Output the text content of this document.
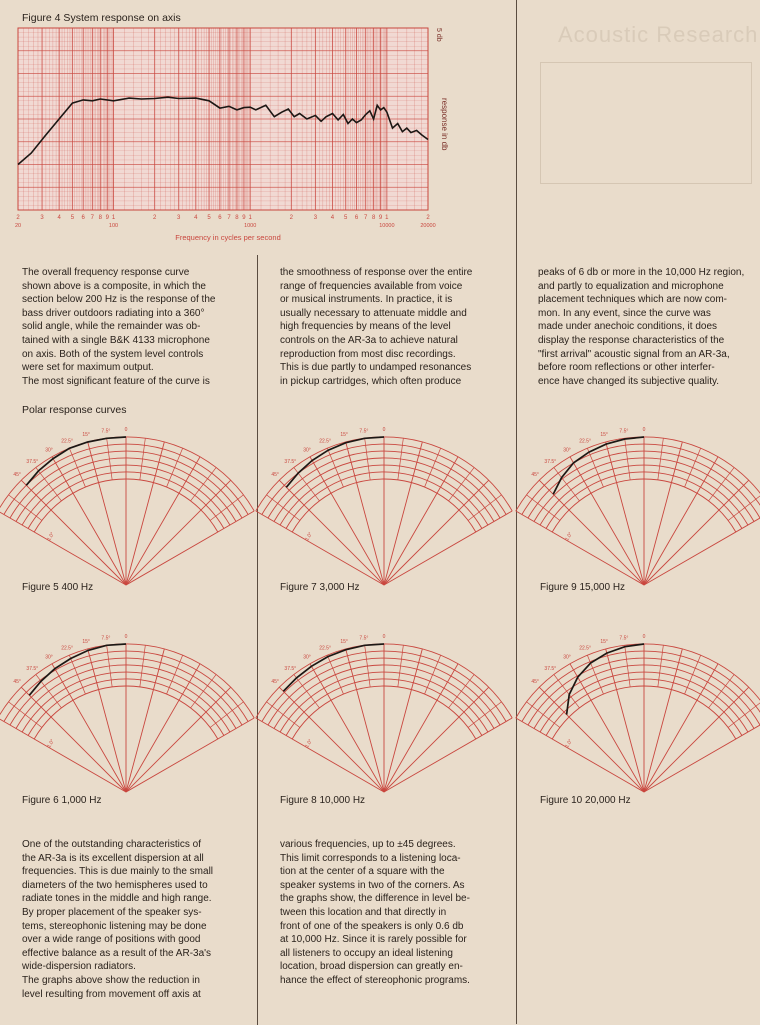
Acoustic Research
Figure 4 System response on axis
2	3 4 5 6 7 8 9 1	2	3 4 5 6 7 8 9 1	2	3 4 5 6 7 8 9 1	2
20	100	1000	10000	20000
5 db
response in db
Frequency in cycles per second

The overall frequency response curve

shown above is a composite, in which the

section below 200 Hz is the response of the

bass driver outdoors radiating into a 360°

solid angle, while the remainder was ob-

tained with a single B&K 4133 microphone

on axis. Both of the system level controls

were set for maximum output.

The most significant feature of the curve is

the smoothness of response over the entire

range of frequencies available from voice

or musical instruments. In practice, it is

usually necessary to attenuate middle and

high frequencies by means of the level

controls on the AR-3a to achieve natural

reproduction from most disc recordings.

This is due partly to undamped resonances

in pickup cartridges, which often produce

peaks of 6 db or more in the 10,000 Hz region,

and partly to equalization and microphone

placement techniques which are now com-

mon. In any event, since the curve was

made under anechoic conditions, it does

display the response characteristics of the

"first arrival" acoustic signal from an AR-3a,

before room reflections or other interfer-

ence have changed its subjective quality.

Polar response curves
0
7.5°
15°
22.5°
30°
37.5°
45°
1.0°
0
7.5°
15°
22.5°
30°
37.5°
45°
1.0°
0
7.5°
15°
22.5°
30°
37.5°
45°
1.0°
0
7.5°
15°
22.5°
30°
37.5°
45°
1.0°
0
7.5°
15°
22.5°
30°
37.5°
45°
1.0°
0
7.5°
15°
22.5°
30°
37.5°
45°
1.0°
Figure 5 400 Hz	Figure 7 3,000 Hz	Figure 9 15,000 Hz
Figure 6 1,000 Hz	Figure 8 10,000 Hz	Figure 10 20,000 Hz

One of the outstanding characteristics of

the AR-3a is its excellent dispersion at all

frequencies. This is due mainly to the small

diameters of the two hemispheres used to

radiate tones in the middle and high range.

By proper placement of the speaker sys-

tems, stereophonic listening may be done

over a wide range of positions with good

effective balance as a result of the AR-3a's

wide-dispersion radiators.

The graphs above show the reduction in

level resulting from movement off axis at

various frequencies, up to ±45 degrees.

This limit corresponds to a listening loca-

tion at the center of a square with the

speaker systems in two of the corners. As

the graphs show, the difference in level be-

tween this location and that directly in

front of one of the speakers is only 0.6 db

at 10,000 Hz. Since it is rarely possible for

all listeners to occupy an ideal listening

location, broad dispersion can greatly en-

hance the effect of stereophonic programs.
